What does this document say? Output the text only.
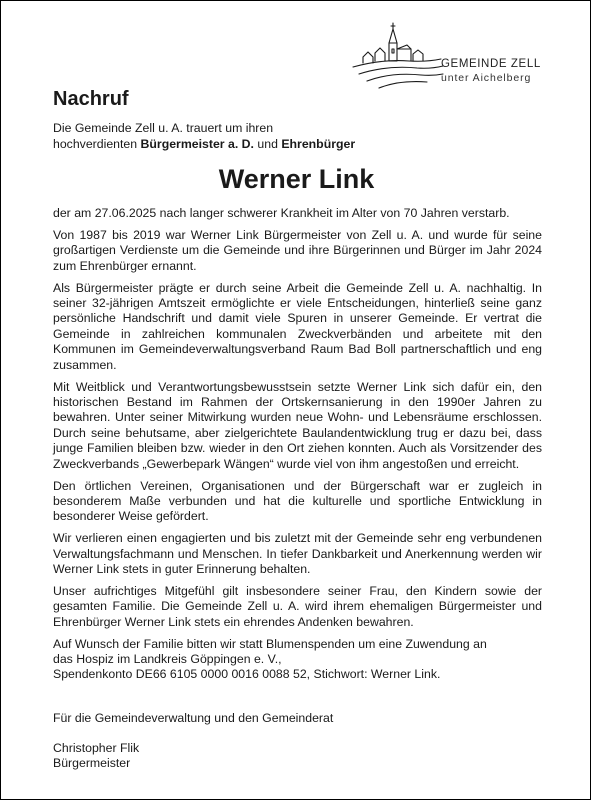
GEMEINDE ZELL
unter Aichelberg
Nachruf
Die Gemeinde Zell u. A. trauert um ihren
hochverdienten Bürgermeister a. D. und Ehrenbürger
Werner Link

der am 27.06.2025 nach langer schwerer Krankheit im Alter von 70 Jahren verstarb.

Von 1987 bis 2019 war Werner Link Bürgermeister von Zell u. A. und wurde für seine großartigen Verdienste um die Gemeinde und ihre Bürgerinnen und Bürger im Jahr 2024 zum Ehrenbürger ernannt.

Als Bürgermeister prägte er durch seine Arbeit die Gemeinde Zell u. A. nachhaltig. In seiner 32-jährigen Amtszeit ermöglichte er viele Entscheidungen, hinterließ seine ganz persönliche Handschrift und damit viele Spuren in unserer Gemeinde. Er vertrat die Gemeinde in zahlreichen kommunalen Zweckverbänden und arbeitete mit den Kommunen im Gemeindeverwaltungsverband Raum Bad Boll partnerschaftlich und eng zusammen.

Mit Weitblick und Verantwortungsbewusstsein setzte Werner Link sich dafür ein, den historischen Bestand im Rahmen der Ortskernsanierung in den 1990er Jahren zu bewahren. Unter seiner Mitwirkung wurden neue Wohn- und Lebensräume erschlossen. Durch seine behutsame, aber zielgerichtete Baulandentwicklung trug er dazu bei, dass junge Familien bleiben bzw. wieder in den Ort ziehen konnten. Auch als Vorsitzender des Zweckverbands „Gewerbepark Wängen“ wurde viel von ihm angestoßen und erreicht.

Den örtlichen Vereinen, Organisationen und der Bürgerschaft war er zugleich in besonderem Maße verbunden und hat die kulturelle und sportliche Entwicklung in besonderer Weise gefördert.

Wir verlieren einen engagierten und bis zuletzt mit der Gemeinde sehr eng verbundenen Verwaltungsfachmann und Menschen. In tiefer Dankbarkeit und Anerkennung werden wir Werner Link stets in guter Erinnerung behalten.

Unser aufrichtiges Mitgefühl gilt insbesondere seiner Frau, den Kindern sowie der gesamten Familie. Die Gemeinde Zell u. A. wird ihrem ehemaligen Bürgermeister und Ehrenbürger Werner Link stets ein ehrendes Andenken bewahren.

Auf Wunsch der Familie bitten wir statt Blumenspenden um eine Zuwendung an
das Hospiz im Landkreis Göppingen e. V.,
Spendenkonto DE66 6105 0000 0016 0088 52, Stichwort: Werner Link.

Für die Gemeindeverwaltung und den Gemeinderat
Christopher Flik
Bürgermeister
